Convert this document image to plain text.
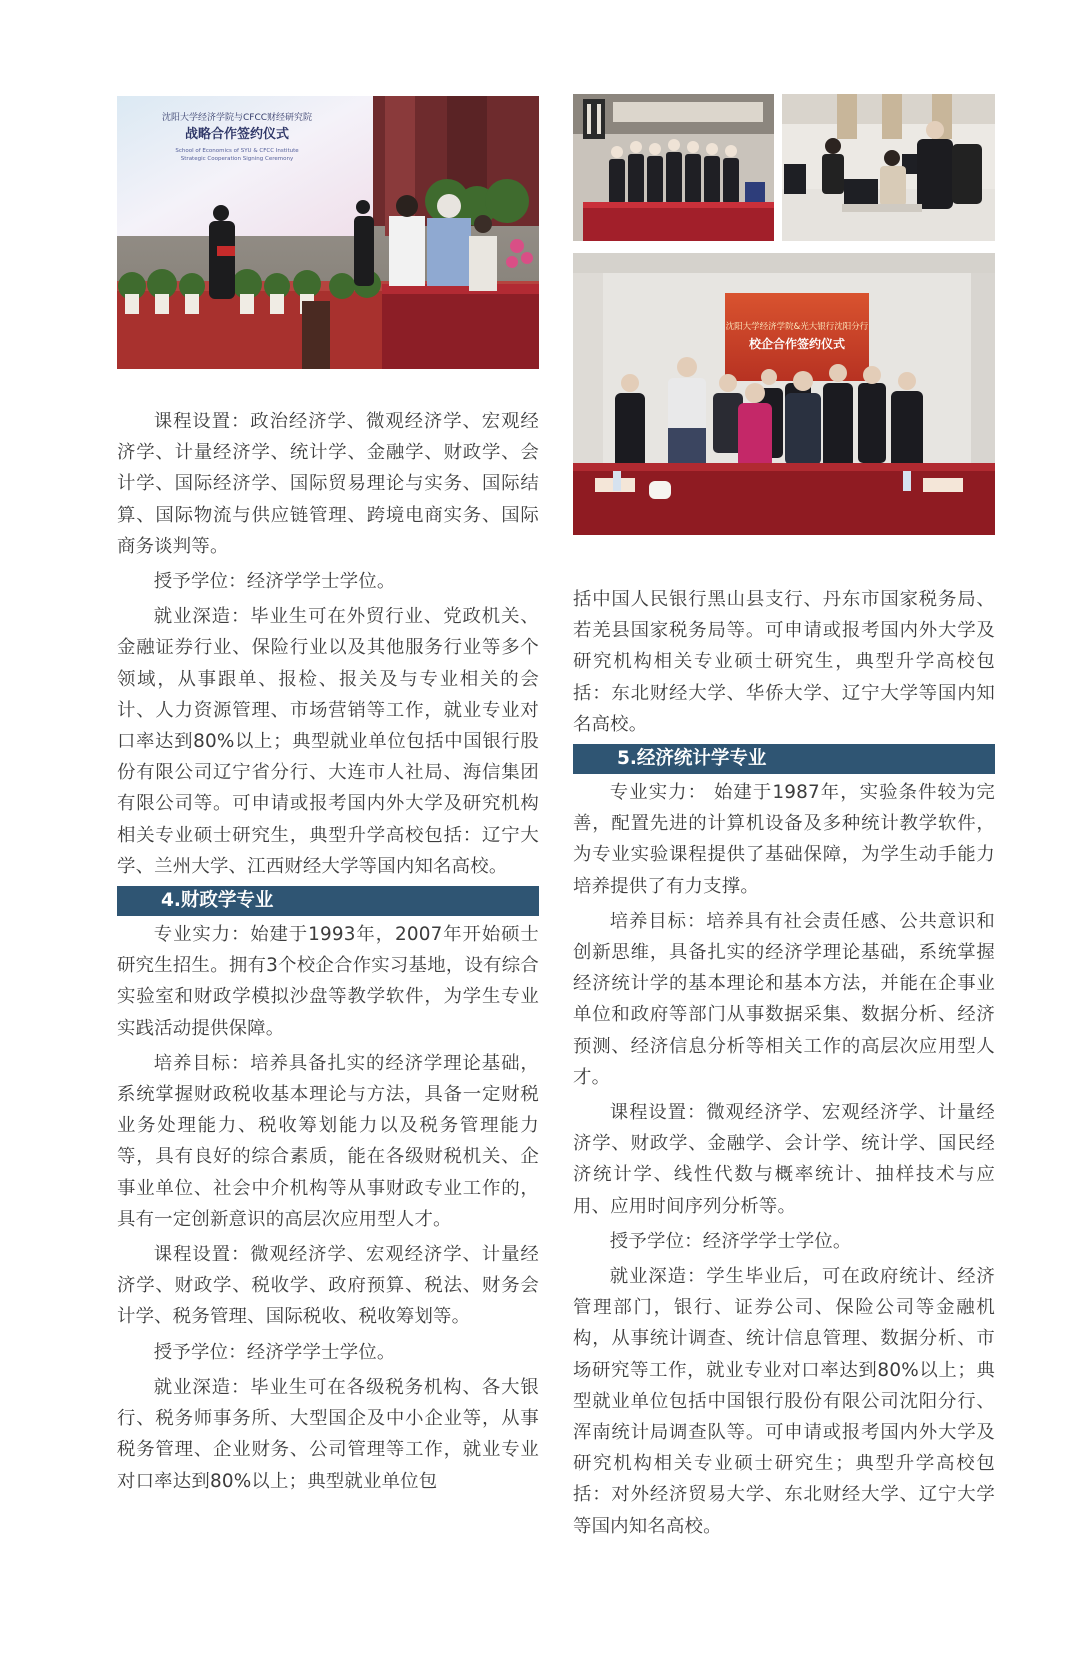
沈阳大学经济学院与CFCC财经研究院
战略合作签约仪式
School of Economics of SYU & CFCC Institute
Strategic Cooperation Signing Ceremony

课程设置：政治经济学、微观经济学、宏观经济学、计量经济学、统计学、金融学、财政学、会计学、国际经济学、国际贸易理论与实务、国际结算、国际物流与供应链管理、跨境电商实务、国际商务谈判等。

授予学位：经济学学士学位。

就业深造：毕业生可在外贸行业、党政机关、金融证券行业、保险行业以及其他服务行业等多个领域，从事跟单、报检、报关及与专业相关的会计、人力资源管理、市场营销等工作，就业专业对口率达到80%以上；典型就业单位包括中国银行股份有限公司辽宁省分行、大连市人社局、海信集团有限公司等。可申请或报考国内外大学及研究机构相关专业硕士研究生，典型升学高校包括：辽宁大学、兰州大学、江西财经大学等国内知名高校。

4.财政学专业

专业实力：始建于1993年，2007年开始硕士研究生招生。拥有3个校企合作实习基地，设有综合实验室和财政学模拟沙盘等教学软件，为学生专业实践活动提供保障。

培养目标：培养具备扎实的经济学理论基础，系统掌握财政税收基本理论与方法，具备一定财税业务处理能力、税收筹划能力以及税务管理能力等，具有良好的综合素质，能在各级财税机关、企事业单位、社会中介机构等从事财政专业工作的，具有一定创新意识的高层次应用型人才。

课程设置：微观经济学、宏观经济学、计量经济学、财政学、税收学、政府预算、税法、财务会计学、税务管理、国际税收、税收筹划等。

授予学位：经济学学士学位。

就业深造：毕业生可在各级税务机构、各大银行、税务师事务所、大型国企及中小企业等，从事税务管理、企业财务、公司管理等工作，就业专业对口率达到80%以上；典型就业单位包

沈阳大学经济学院&光大银行沈阳分行
校企合作签约仪式

括中国人民银行黑山县支行、丹东市国家税务局、若羌县国家税务局等。可申请或报考国内外大学及研究机构相关专业硕士研究生，典型升学高校包括：东北财经大学、华侨大学、辽宁大学等国内知名高校。

5.经济统计学专业

专业实力： 始建于1987年，实验条件较为完善，配置先进的计算机设备及多种统计教学软件，为专业实验课程提供了基础保障，为学生动手能力培养提供了有力支撑。

培养目标：培养具有社会责任感、公共意识和创新思维，具备扎实的经济学理论基础，系统掌握经济统计学的基本理论和基本方法，并能在企事业单位和政府等部门从事数据采集、数据分析、经济预测、经济信息分析等相关工作的高层次应用型人才。

课程设置：微观经济学、宏观经济学、计量经济学、财政学、金融学、会计学、统计学、国民经济统计学、线性代数与概率统计、抽样技术与应用、应用时间序列分析等。

授予学位：经济学学士学位。

就业深造：学生毕业后，可在政府统计、经济管理部门，银行、证券公司、保险公司等金融机构，从事统计调查、统计信息管理、数据分析、市场研究等工作，就业专业对口率达到80%以上；典型就业单位包括中国银行股份有限公司沈阳分行、浑南统计局调查队等。可申请或报考国内外大学及研究机构相关专业硕士研究生；典型升学高校包括：对外经济贸易大学、东北财经大学、辽宁大学等国内知名高校。
